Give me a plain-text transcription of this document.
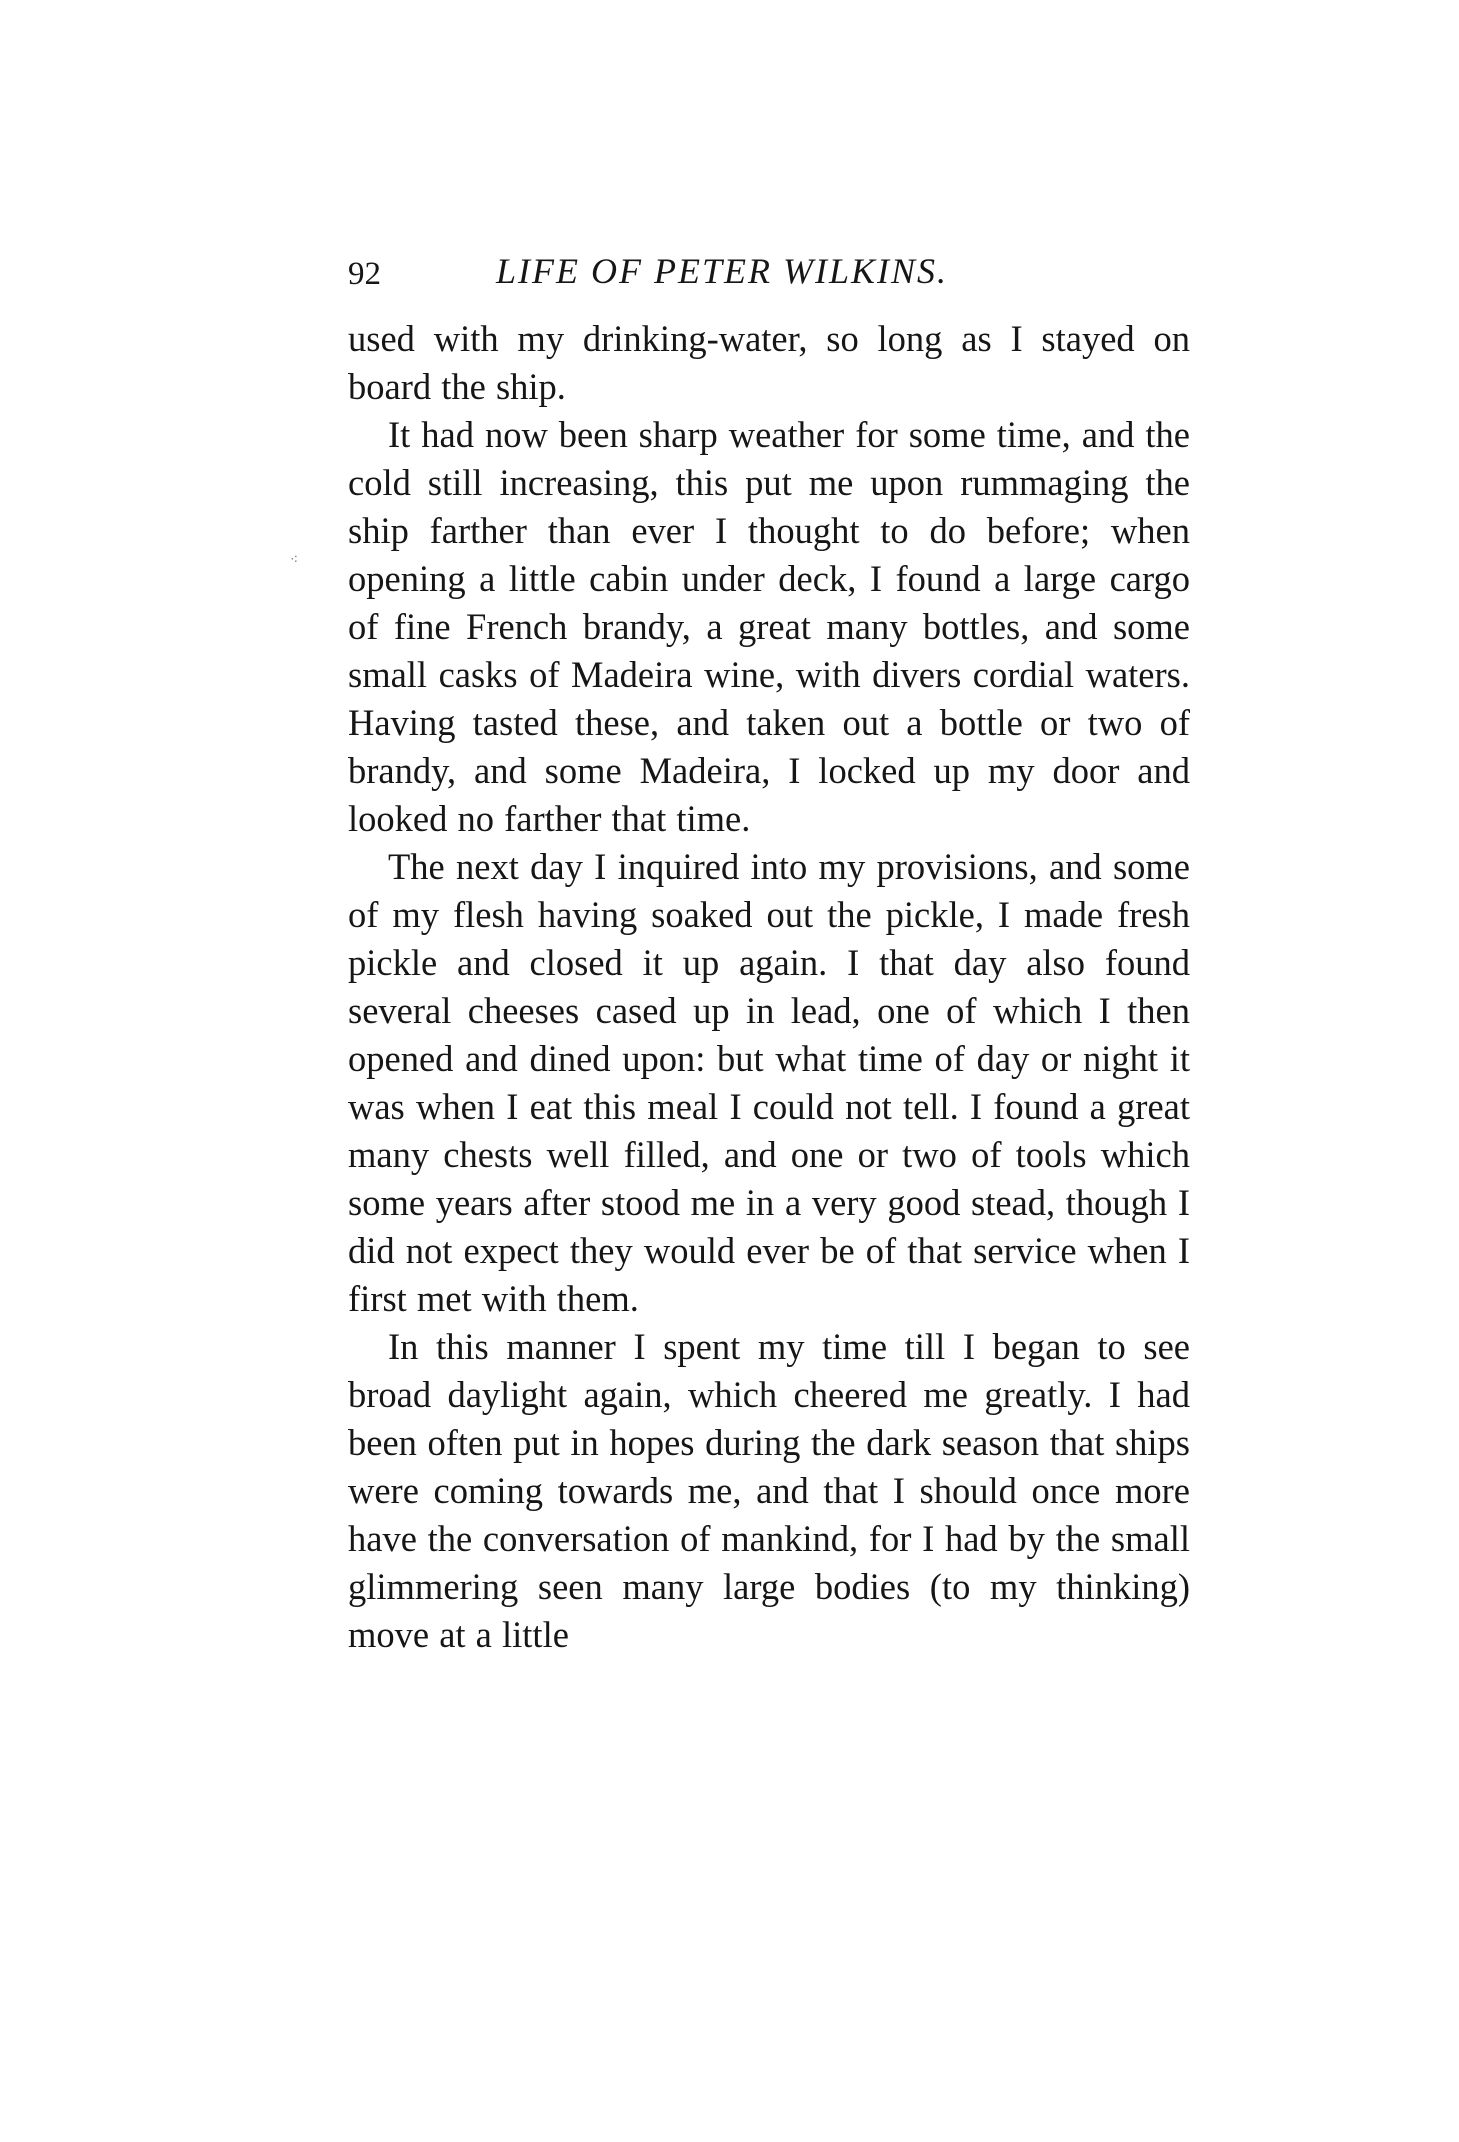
⁖
92	LIFE OF PETER WILKINS.

used with my drinking-water, so long as I stayed on board the ship.

It had now been sharp weather for some time, and the cold still increasing, this put me upon rummaging the ship farther than ever I thought to do before; when opening a little cabin under deck, I found a large cargo of fine French brandy, a great many bottles, and some small casks of Madeira wine, with divers cordial waters. Having tasted these, and taken out a bottle or two of brandy, and some Madeira, I locked up my door and looked no farther that time.

The next day I inquired into my provisions, and some of my flesh having soaked out the pickle, I made fresh pickle and closed it up again. I that day also found several cheeses cased up in lead, one of which I then opened and dined upon: but what time of day or night it was when I eat this meal I could not tell. I found a great many chests well filled, and one or two of tools which some years after stood me in a very good stead, though I did not expect they would ever be of that service when I first met with them.

In this manner I spent my time till I began to see broad daylight again, which cheered me greatly. I had been often put in hopes during the dark season that ships were coming towards me, and that I should once more have the conversation of mankind, for I had by the small glimmering seen many large bodies (to my thinking) move at a little
